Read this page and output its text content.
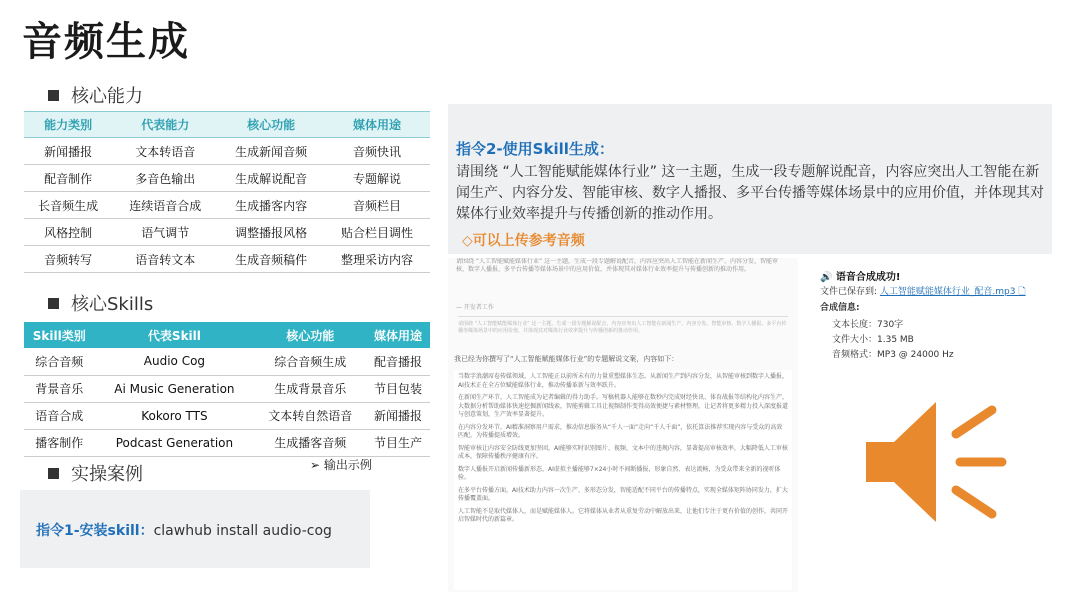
音频生成
核心能力
能力类别	代表能力	核心功能	媒体用途
新闻播报	文本转语音	生成新闻音频	音频快讯
配音制作	多音色输出	生成解说配音	专题解说
长音频生成	连续语音合成	生成播客内容	音频栏目
风格控制	语气调节	调整播报风格	贴合栏目调性
音频转写	语音转文本	生成音频稿件	整理采访内容
核心Skills
Skill类别	代表Skill	核心功能	媒体用途
综合音频	Audio Cog	综合音频生成	配音播报
背景音乐	Ai Music Generation	生成背景音乐	节目包装
语音合成	Kokoro TTS	文本转自然语音	新闻播报
播客制作	Podcast Generation	生成播客音频	节目生产
实操案例	➢ 输出示例
指令1-安装skill：clawhub install audio-cog
指令2-使用Skill生成：
请围绕 “人工智能赋能媒体行业” 这一主题，生成一段专题解说配音，内容应突出人工智能在新闻生产、内容分发、智能审核、数字人播报、多平台传播等媒体场景中的应用价值，并体现其对媒体行业效率提升与传播创新的推动作用。
◇可以上传参考音频
请围绕 “人工智能赋能媒体行业” 这一主题，生成一段专题解说配音，内容应突出人工智能在新闻生产、内容分发、智能审核、数字人播报、多平台传播等媒体场景中的应用价值，并体现其对媒体行业效率提升与传播创新的推动作用。
— 开发者工作
请围绕 “人工智能赋能媒体行业” 这一主题，生成一段专题解说配音，内容应突出人工智能在新闻生产、内容分发、智能审核、数字人播报、多平台传播等媒体场景中的应用价值，并体现其对媒体行业效率提升与传播创新的推动作用。
我已经为你撰写了“人工智能赋能媒体行业”的专题解说文案，内容如下：

当数字浪潮席卷传媒领域，人工智能正以前所未有的力量重塑媒体生态。从新闻生产到内容分发，从智能审核到数字人播报，AI技术正在全方位赋能媒体行业，推动传播革新与效率跃升。

在新闻生产环节，人工智能成为记者编辑的得力助手。写稿机器人能够在数秒内完成财经快讯、体育战报等结构化内容生产，大数据分析帮助媒体快速挖掘新闻线索，智能剪辑工具让视频制作变得高效便捷与素材整理，让记者将更多精力投入深度报道与创意策划，生产效率显著提升。

在内容分发环节，AI精准洞察用户需求，推动信息服务从“千人一面”走向“千人千面”，依托算法推荐实现内容与受众的高效匹配，为传播提质增效。

智能审核让内容安全防线更加坚固，AI能够实时识别图片、视频、文本中的违规内容，显著提高审核效率，大幅降低人工审核成本，保障传播秩序健康有序。

数字人播报开启新闻传播新形态，AI虚拟主播能够7×24小时不间断播报，形象自然、表达流畅，为受众带来全新的视听体验。

在多平台传播方面，AI技术助力内容一次生产、多形态分发，智能适配不同平台的传播特点，实现全媒体矩阵协同发力，扩大传播覆盖面。

人工智能不是取代媒体人，而是赋能媒体人。它将媒体从业者从重复劳动中解放出来，让他们专注于更有价值的创作，共同开启智媒时代的新篇章。

🔊 语音合成成功!
文件已保存到: 人工智能赋能媒体行业_配音.mp3 🗋
合成信息:
文本长度：730字
文件大小：1.35 MB
音频格式：MP3 @ 24000 Hz
